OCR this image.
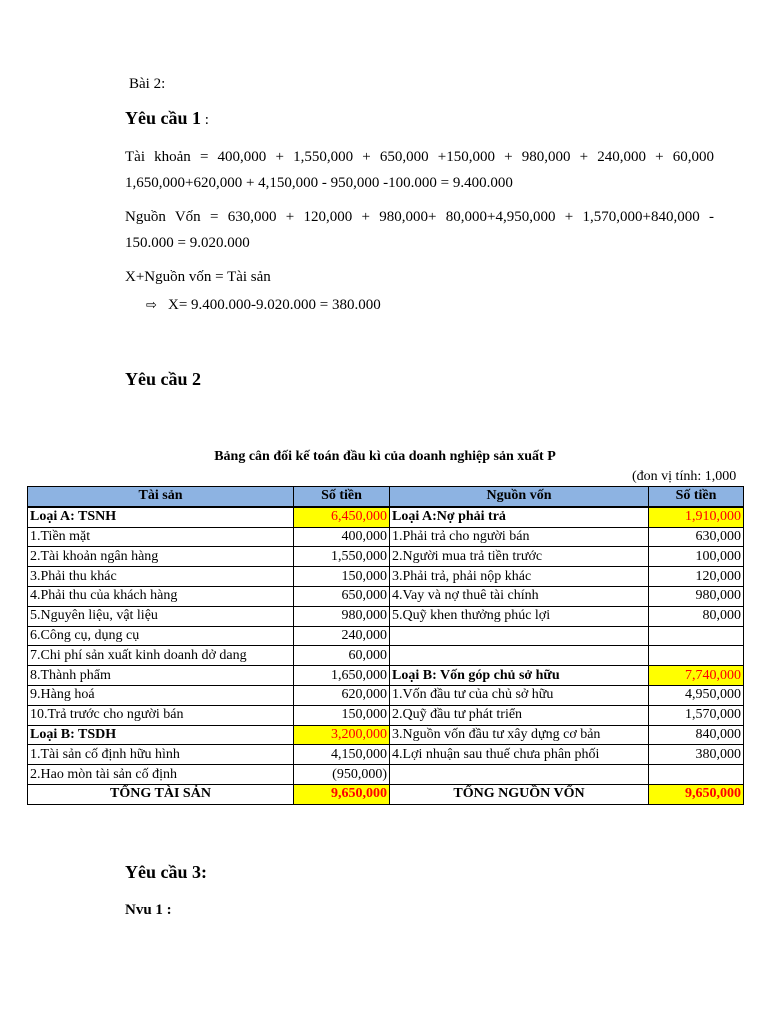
Bài 2:
Yêu cầu 1 :
Tài khoản = 400,000 + 1,550,000 + 650,000 +150,000 + 980,000 + 240,000 + 60,000
1,650,000+620,000 + 4,150,000 - 950,000 -100.000 = 9.400.000
Nguồn Vốn = 630,000 + 120,000 + 980,000+ 80,000+4,950,000 + 1,570,000+840,000 -
150.000 = 9.020.000
X+Nguồn vốn = Tài sản
⇨ X= 9.400.000-9.020.000 = 380.000
Yêu cầu 2
Bảng cân đối kế toán đầu kì của doanh nghiệp sản xuất P
(đon vị tính: 1,000
Tài sản	Số tiền	Nguồn vốn	Số tiền
Loại A: TSNH	6,450,000	Loại A:Nợ phải trả	1,910,000
1.Tiền mặt	400,000	1.Phải trả cho người bán	630,000
2.Tài khoản ngân hàng	1,550,000	2.Người mua trả tiền trước	100,000
3.Phải thu khác	150,000	3.Phải trả, phải nộp khác	120,000
4.Phải thu của khách hàng	650,000	4.Vay và nợ thuê tài chính	980,000
5.Nguyên liệu, vật liệu	980,000	5.Quỹ khen thưởng phúc lợi	80,000
6.Công cụ, dụng cụ	240,000		
7.Chi phí sản xuất kinh doanh dở dang	60,000		
8.Thành phẩm	1,650,000	Loại B: Vốn góp chủ sở hữu	7,740,000
9.Hàng hoá	620,000	1.Vốn đầu tư của chủ sở hữu	4,950,000
10.Trả trước cho người bán	150,000	2.Quỹ đầu tư phát triển	1,570,000
Loại B: TSDH	3,200,000	3.Nguồn vốn đầu tư xây dựng cơ bản	840,000
1.Tài sản cố định hữu hình	4,150,000	4.Lợi nhuận sau thuế chưa phân phối	380,000
2.Hao mòn tài sản cố định	(950,000)		
TỔNG TÀI SẢN	9,650,000	TỔNG NGUỒN VỐN	9,650,000
Yêu cầu 3:
Nvu 1 :
